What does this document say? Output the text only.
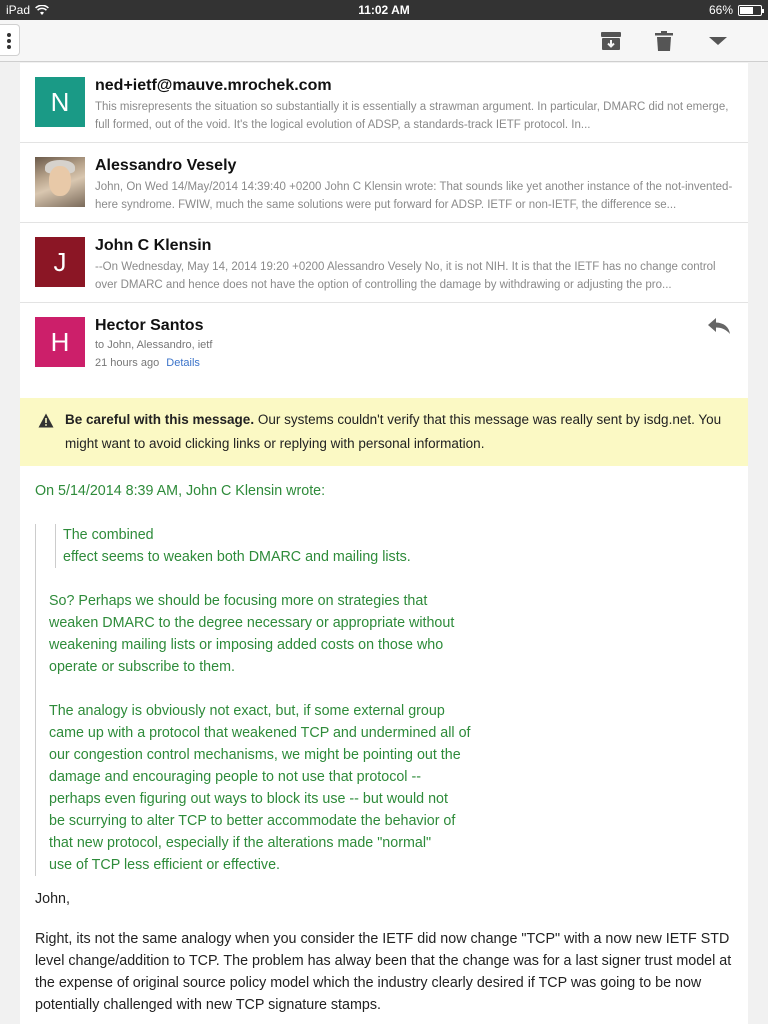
iPad	11:02 AM	66%
N
ned+ietf@mauve.mrochek.com
This misrepresents the situation so substantially it is essentially a strawman argument. In particular, DMARC did not emerge, full formed, out of the void. It's the logical evolution of ADSP, a standards-track IETF protocol. In...
Alessandro Vesely
John, On Wed 14/May/2014 14:39:40 +0200 John C Klensin wrote: That sounds like yet another instance of the not-invented-here syndrome. FWIW, much the same solutions were put forward for ADSP. IETF or non-IETF, the difference se...
J
John C Klensin
--On Wednesday, May 14, 2014 19:20 +0200 Alessandro Vesely No, it is not NIH. It is that the IETF has no change control over DMARC and hence does not have the option of controlling the damage by withdrawing or adjusting the pro...
H
Hector Santos
to John, Alessandro, ietf
21 hours ago Details
Be careful with this message. Our systems couldn't verify that this message was really sent by isdg.net. You might want to avoid clicking links or replying with personal information.
On 5/14/2014 8:39 AM, John C Klensin wrote:
The combined
effect seems to weaken both DMARC and mailing lists.
So? Perhaps we should be focusing more on strategies that
weaken DMARC to the degree necessary or appropriate without
weakening mailing lists or imposing added costs on those who
operate or subscribe to them.
The analogy is obviously not exact, but, if some external group
came up with a protocol that weakened TCP and undermined all of
our congestion control mechanisms, we might be pointing out the
damage and encouraging people to not use that protocol --
perhaps even figuring out ways to block its use -- but would not
be scurrying to alter TCP to better accommodate the behavior of
that new protocol, especially if the alterations made "normal"
use of TCP less efficient or effective.

John,

Right, its not the same analogy when you consider the IETF did now change "TCP" with a now new IETF STD level change/addition to TCP. The problem has alway been that the change was for a last signer trust model at the expense of original source policy model which the industry clearly desired if TCP was going to be now potentially challenged with new TCP signature stamps.
